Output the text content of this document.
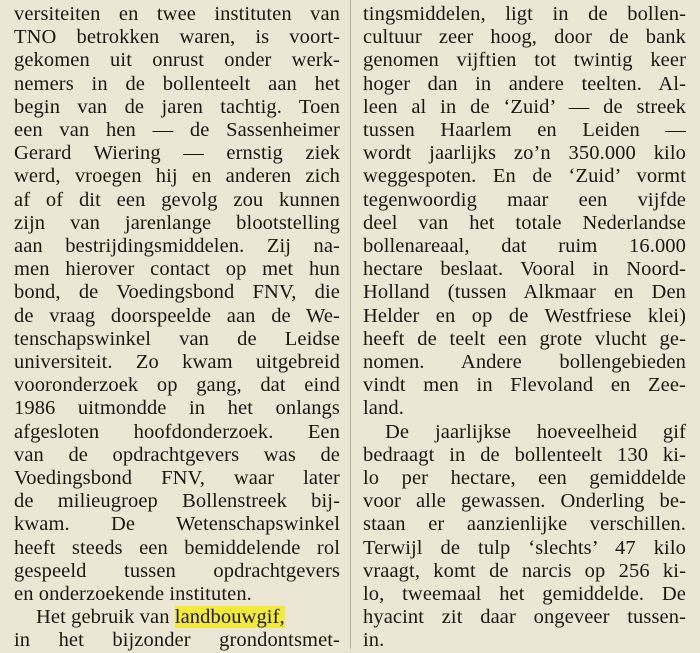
versiteiten en twee instituten van
TNO betrokken waren, is voort-
gekomen uit onrust onder werk-
nemers in de bollenteelt aan het
begin van de jaren tachtig. Toen
een van hen — de Sassenheimer
Gerard Wiering — ernstig ziek
werd, vroegen hij en anderen zich
af of dit een gevolg zou kunnen
zijn van jarenlange blootstelling
aan bestrijdingsmiddelen. Zij na-
men hierover contact op met hun
bond, de Voedingsbond FNV, die
de vraag doorspeelde aan de We-
tenschapswinkel van de Leidse
universiteit. Zo kwam uitgebreid
vooronderzoek op gang, dat eind
1986 uitmondde in het onlangs
afgesloten hoofdonderzoek. Een
van de opdrachtgevers was de
Voedingsbond FNV, waar later
de milieugroep Bollenstreek bij-
kwam. De Wetenschapswinkel
heeft steeds een bemiddelende rol
gespeeld tussen opdrachtgevers
en onderzoekende instituten.
Het gebruik van landbouwgif,
in het bijzonder grondontsmet-
tingsmiddelen, ligt in de bollen-
cultuur zeer hoog, door de bank
genomen vijftien tot twintig keer
hoger dan in andere teelten. Al-
leen al in de ‘Zuid’ — de streek
tussen Haarlem en Leiden —
wordt jaarlijks zo’n 350.000 kilo
weggespoten. En de ‘Zuid’ vormt
tegenwoordig maar een vijfde
deel van het totale Nederlandse
bollenareaal, dat ruim 16.000
hectare beslaat. Vooral in Noord-
Holland (tussen Alkmaar en Den
Helder en op de Westfriese klei)
heeft de teelt een grote vlucht ge-
nomen. Andere bollengebieden
vindt men in Flevoland en Zee-
land.
De jaarlijkse hoeveelheid gif
bedraagt in de bollenteelt 130 ki-
lo per hectare, een gemiddelde
voor alle gewassen. Onderling be-
staan er aanzienlijke verschillen.
Terwijl de tulp ‘slechts’ 47 kilo
vraagt, komt de narcis op 256 ki-
lo, tweemaal het gemiddelde. De
hyacint zit daar ongeveer tussen-
in.
